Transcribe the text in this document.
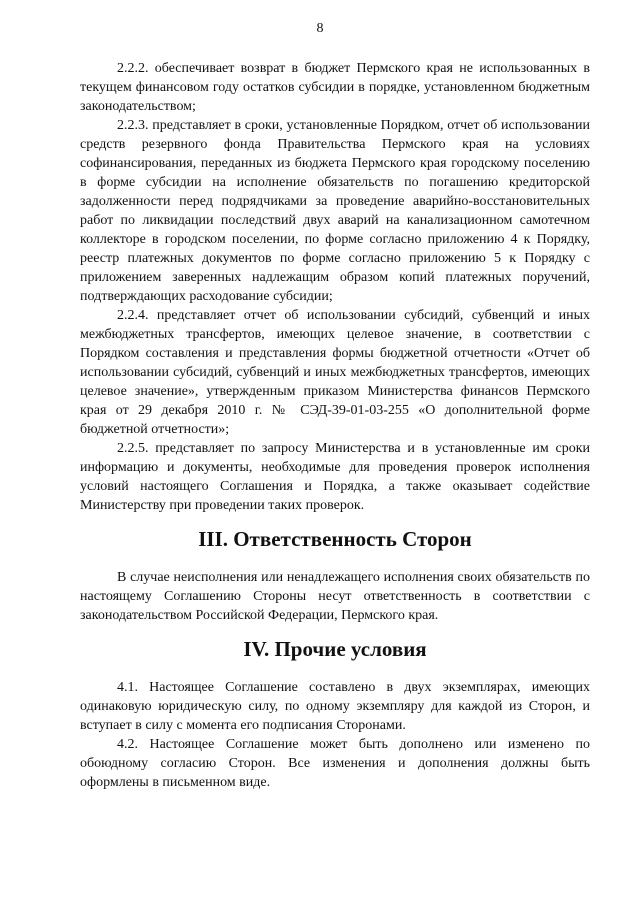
8

2.2.2. обеспечивает возврат в бюджет Пермского края не использованных в текущем финансовом году остатков субсидии в порядке, установленном бюджетным законодательством;

2.2.3. представляет в сроки, установленные Порядком, отчет об использовании средств резервного фонда Правительства Пермского края на условиях софинансирования, переданных из бюджета Пермского края городскому поселению в форме субсидии на исполнение обязательств по погашению кредиторской задолженности перед подрядчиками за проведение аварийно-восстановительных работ по ликвидации последствий двух аварий на канализационном самотечном коллекторе в городском поселении, по форме согласно приложению 4 к Порядку, реестр платежных документов по форме согласно приложению 5 к Порядку с приложением заверенных надлежащим образом копий платежных поручений, подтверждающих расходование субсидии;

2.2.4. представляет отчет об использовании субсидий, субвенций и иных межбюджетных трансфертов, имеющих целевое значение, в соответствии с Порядком составления и представления формы бюджетной отчетности «Отчет об использовании субсидий, субвенций и иных межбюджетных трансфертов, имеющих целевое значение», утвержденным приказом Министерства финансов Пермского края от 29 декабря 2010 г. № СЭД-39-01-03-255 «О дополнительной форме бюджетной отчетности»;

2.2.5. представляет по запросу Министерства и в установленные им сроки информацию и документы, необходимые для проведения проверок исполнения условий настоящего Соглашения и Порядка, а также оказывает содействие Министерству при проведении таких проверок.

III. Ответственность Сторон

В случае неисполнения или ненадлежащего исполнения своих обязательств по настоящему Соглашению Стороны несут ответственность в соответствии с законодательством Российской Федерации, Пермского края.

IV. Прочие условия

4.1. Настоящее Соглашение составлено в двух экземплярах, имеющих одинаковую юридическую силу, по одному экземпляру для каждой из Сторон, и вступает в силу с момента его подписания Сторонами.

4.2. Настоящее Соглашение может быть дополнено или изменено по обоюдному согласию Сторон. Все изменения и дополнения должны быть оформлены в письменном виде.
